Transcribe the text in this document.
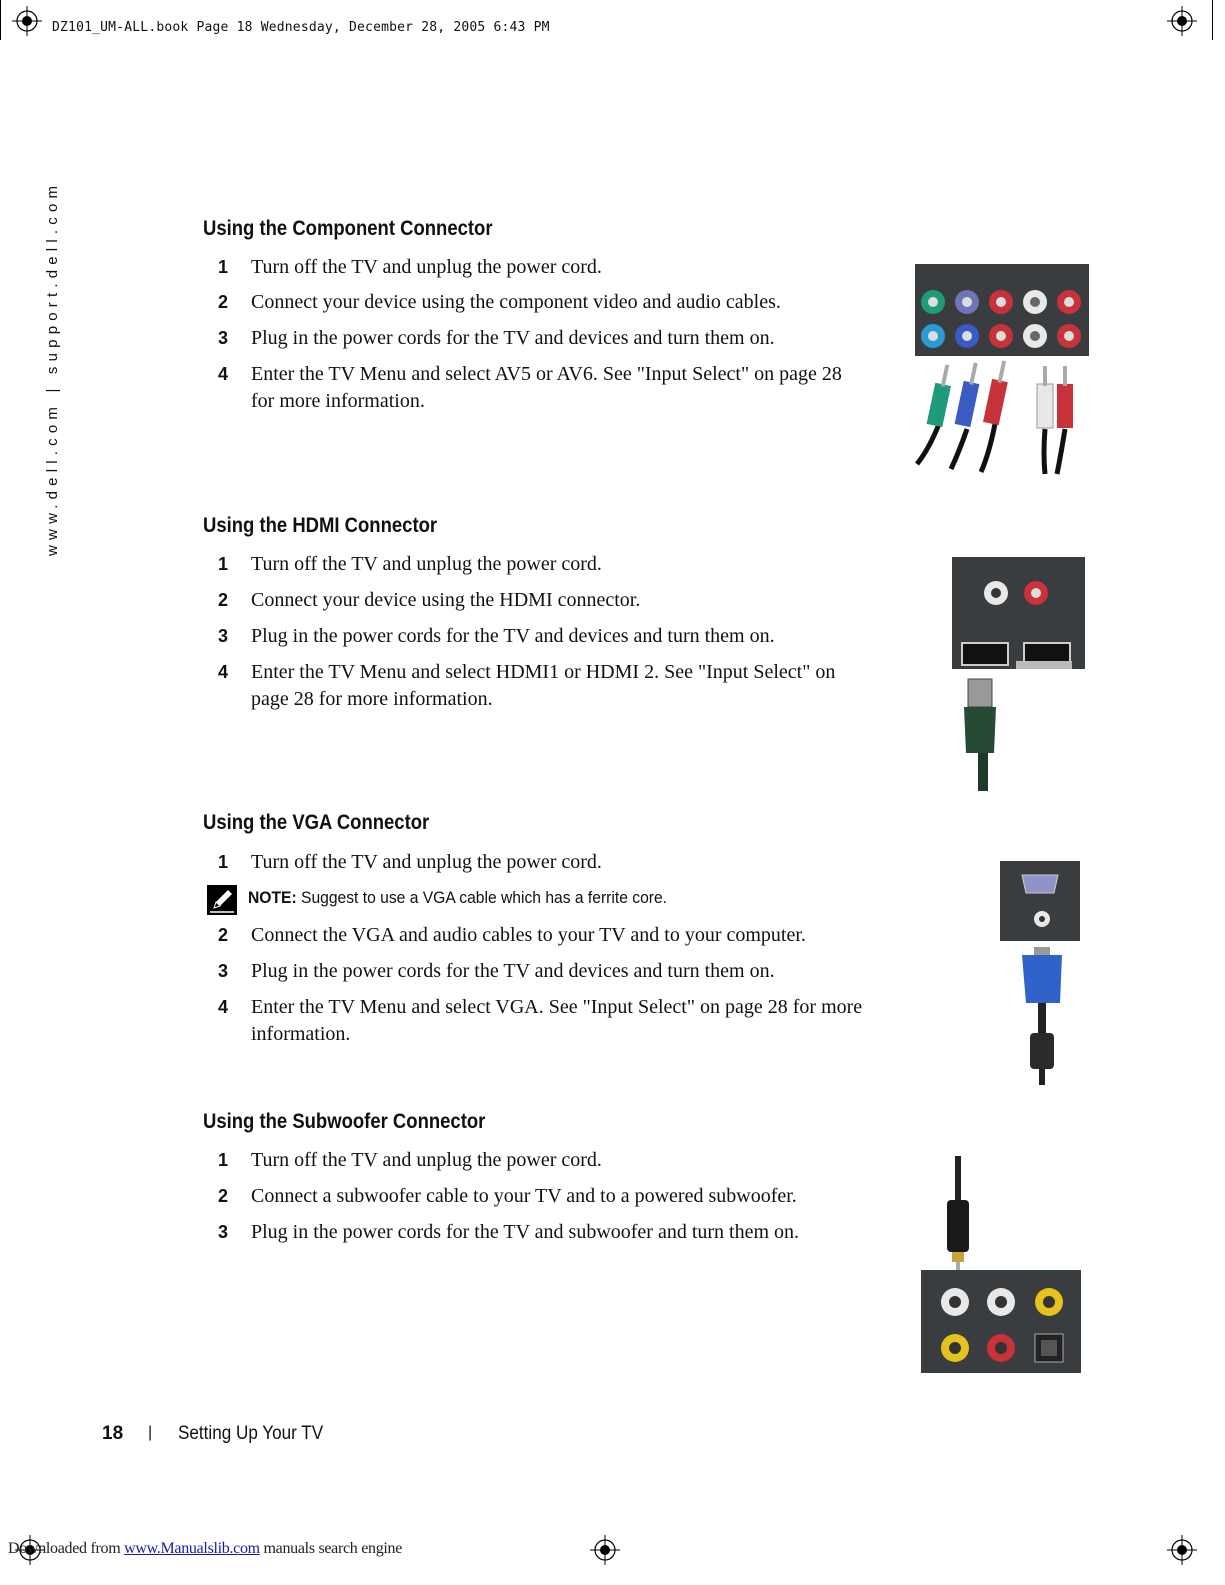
DZ101_UM-ALL.book Page 18 Wednesday, December 28, 2005 6:43 PM
www.dell.com | support.dell.com	Using the Component Connector
1 Turn off the TV and unplug the power cord.
2 Connect your device using the component video and audio cables.
3 Plug in the power cords for the TV and devices and turn them on.
4 Enter the TV Menu and select AV5 or AV6. See "Input Select" on page 28 for more information.
Using the HDMI Connector
1 Turn off the TV and unplug the power cord.
2 Connect your device using the HDMI connector.
3 Plug in the power cords for the TV and devices and turn them on.
4 Enter the TV Menu and select HDMI1 or HDMI 2. See "Input Select" on page 28 for more information.
Using the VGA Connector
1 Turn off the TV and unplug the power cord.
NOTE: Suggest to use a VGA cable which has a ferrite core.
2 Connect the VGA and audio cables to your TV and to your computer.
3 Plug in the power cords for the TV and devices and turn them on.
4 Enter the TV Menu and select VGA. See "Input Select" on page 28 for more information.
Using the Subwoofer Connector
1 Turn off the TV and unplug the power cord.
2 Connect a subwoofer cable to your TV and to a powered subwoofer.
3 Plug in the power cords for the TV and subwoofer and turn them on.
18 | Setting Up Your TV
Downloaded from www.Manualslib.com manuals search engine
